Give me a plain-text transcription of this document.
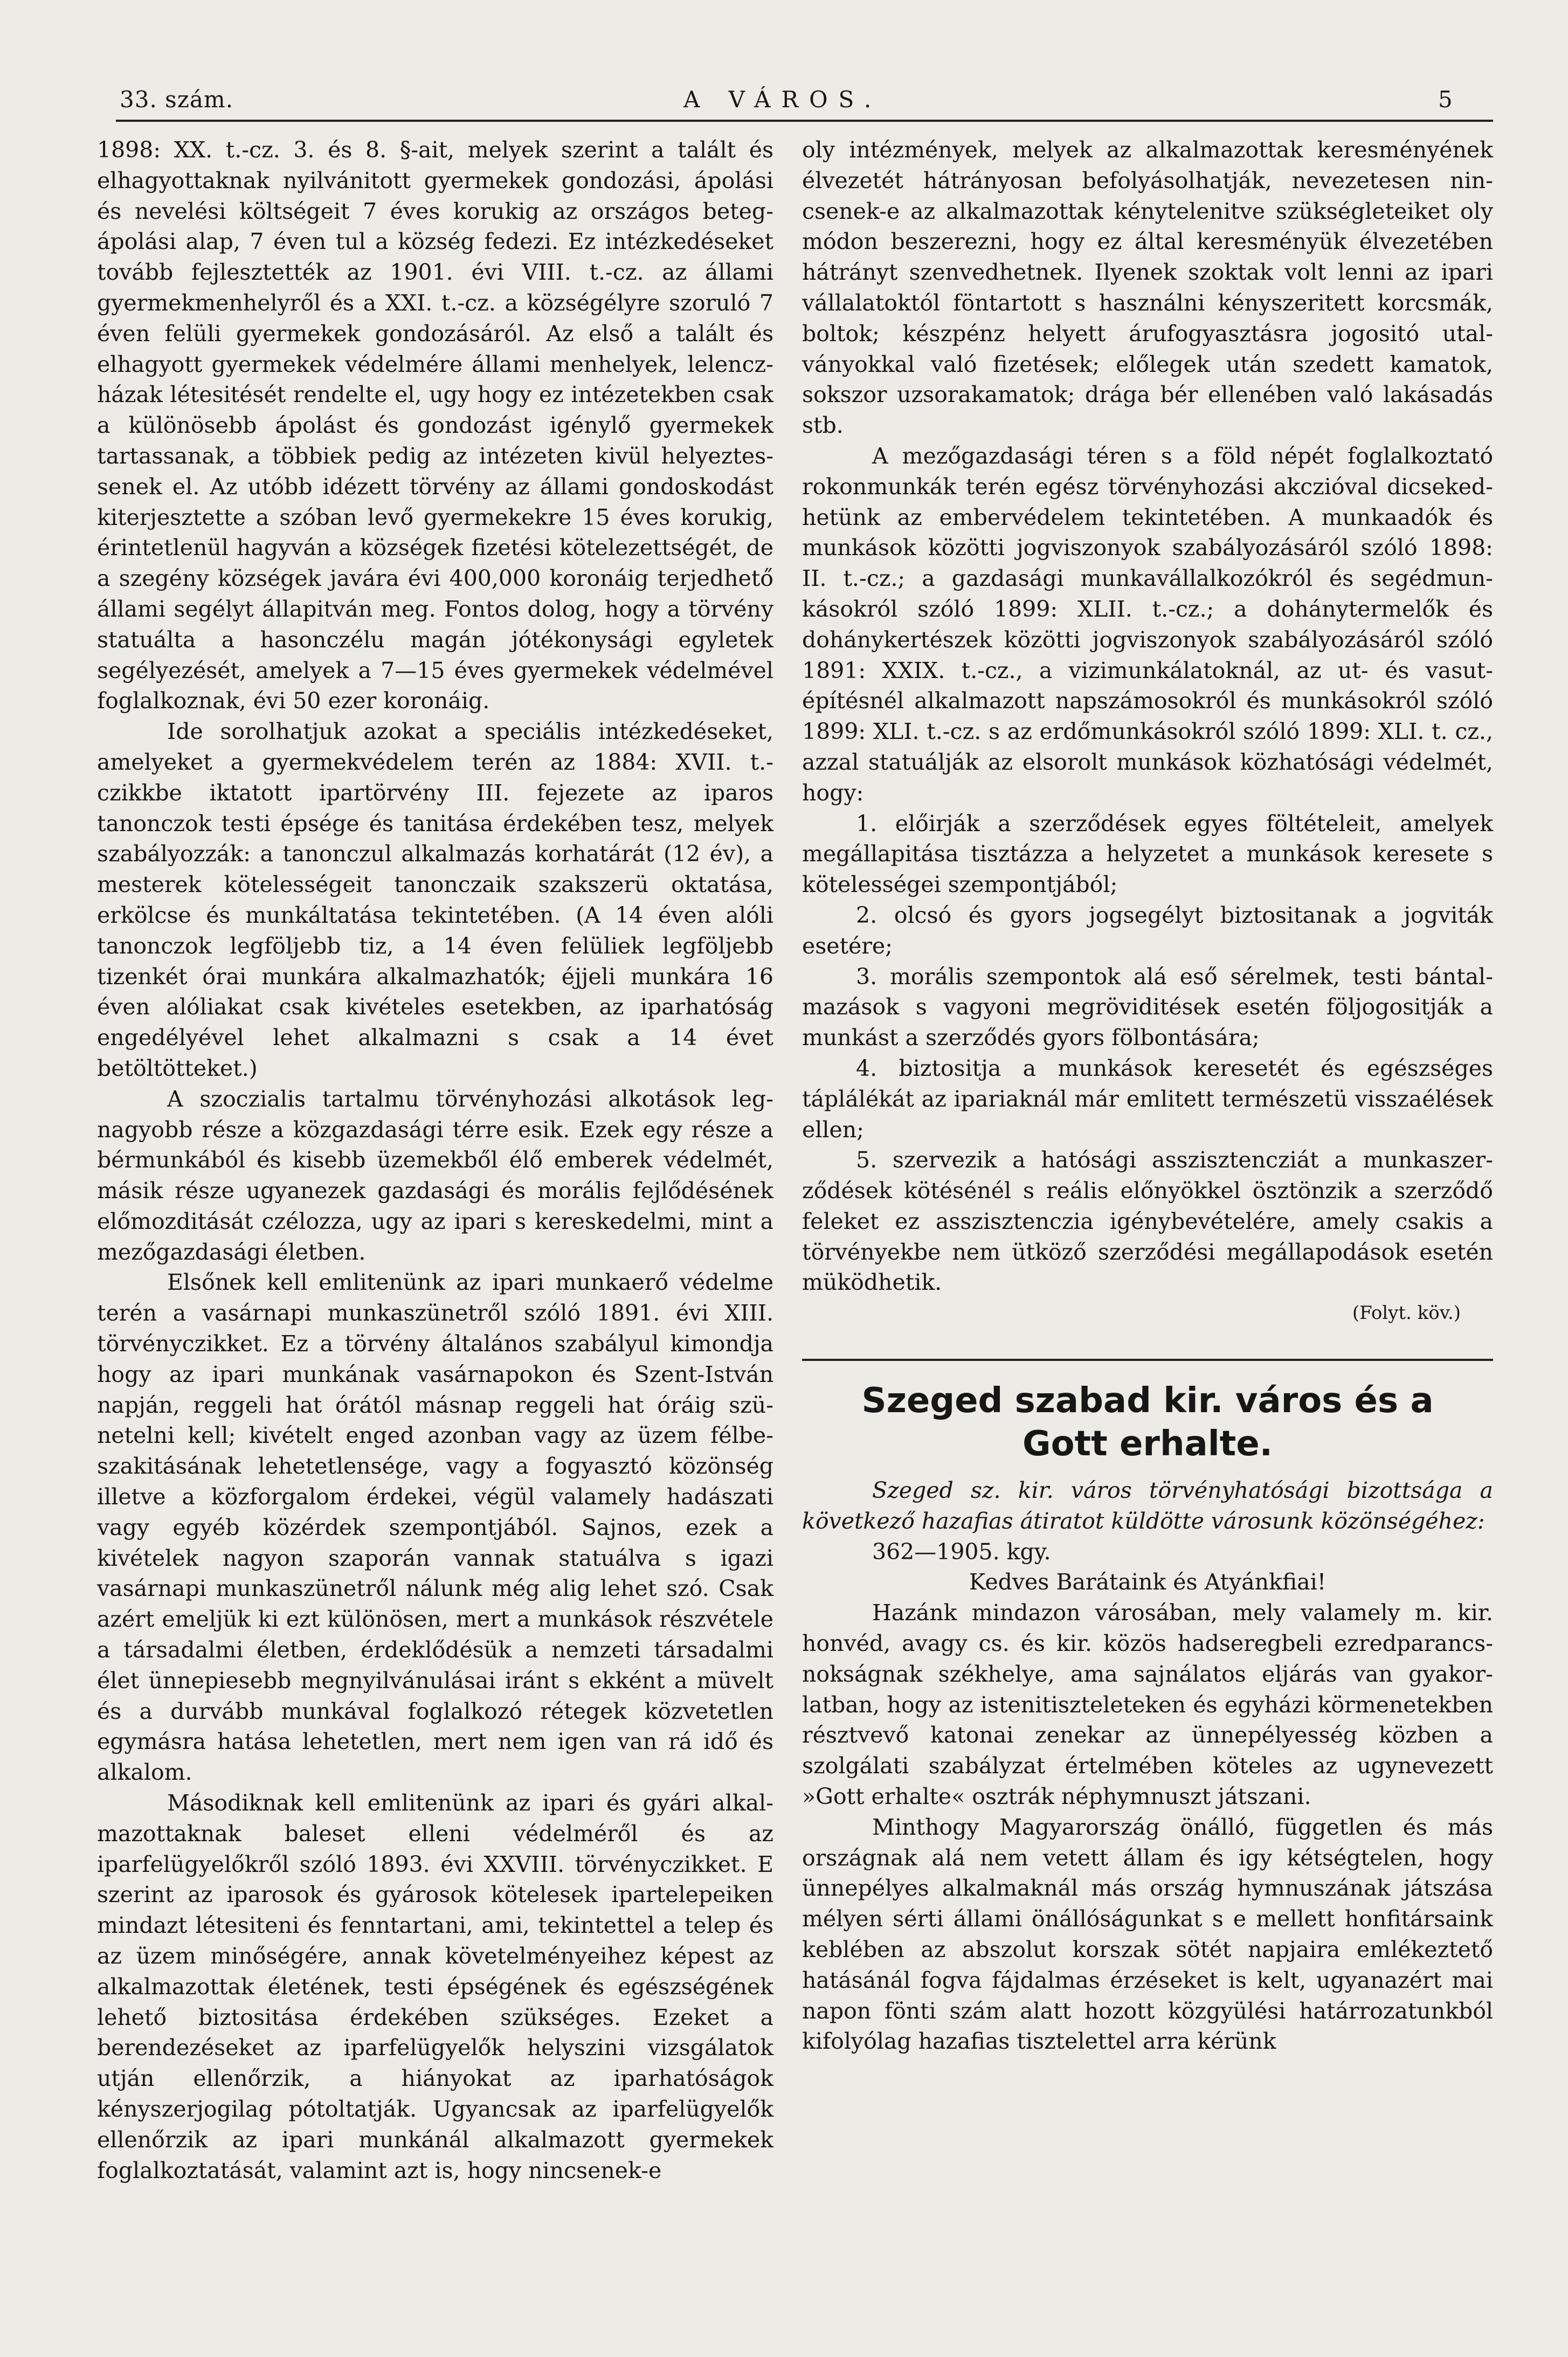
33. szám.	A VÁROS.	5

1898: XX. t.-cz. 3. és 8. §-ait, melyek szerint a talált és elhagyottaknak nyilvánitott gyermekek gondozási, ápolási és nevelési költségeit 7 éves korukig az országos betegápolási alap, 7 éven tul a község fedezi. Ez intézkedéseket tovább fejlesztették az 1901. évi VIII. t.-cz. az állami gyermekmenhelyről és a XXI. t.-cz. a községélyre szoruló 7 éven felüli gyermekek gondozásáról. Az első a talált és elhagyott gyermekek védelmére állami menhelyek, lelenczházak létesitését rendelte el, ugy hogy ez intézetekben csak a különösebb ápolást és gondozást igénylő gyermekek tartassanak, a többiek pedig az intézeten kivül helyeztessenek el. Az utóbb idézett törvény az állami gondoskodást kiterjesztette a szóban levő gyermekekre 15 éves korukig, érintetlenül hagyván a községek fizetési kötelezettségét, de a szegény községek javára évi 400,000 koronáig terjedhető állami segélyt állapitván meg. Fontos dolog, hogy a törvény statuálta a hasonczélu magán jótékonysági egyletek segélyezését, amelyek a 7—15 éves gyermekek védelmével foglalkoznak, évi 50 ezer koronáig.

Ide sorolhatjuk azokat a speciális intézkedéseket, amelyeket a gyermekvédelem terén az 1884: XVII. t.-czikkbe iktatott ipartörvény III. fejezete az iparos tanonczok testi épsége és tanitása érdekében tesz, melyek szabályozzák: a tanonczul alkalmazás korhatárát (12 év), a mesterek kötelességeit tanonczaik szakszerü oktatása, erkölcse és munkáltatása tekintetében. (A 14 éven alóli tanonczok legföljebb tiz, a 14 éven felüliek legföljebb tizenkét órai munkára alkalmazhatók; éjjeli munkára 16 éven alóliakat csak kivételes esetekben, az iparhatóság engedélyével lehet alkalmazni s csak a 14 évet betöltötteket.)

A szoczialis tartalmu törvényhozási alkotások legnagyobb része a közgazdasági térre esik. Ezek egy része a bérmunkából és kisebb üzemekből élő emberek védelmét, másik része ugyanezek gazdasági és morális fejlődésének előmozditását czélozza, ugy az ipari s kereskedelmi, mint a mezőgazdasági életben.

Elsőnek kell emlitenünk az ipari munkaerő védelme terén a vasárnapi munkaszünetről szóló 1891. évi XIII. törvényczikket. Ez a törvény általános szabályul kimondja hogy az ipari munkának vasárnapokon és Szent-István napján, reggeli hat órától másnap reggeli hat óráig szünetelni kell; kivételt enged azonban vagy az üzem félbeszakitásának lehetetlensége, vagy a fogyasztó közönség illetve a közforgalom érdekei, végül valamely hadászati vagy egyéb közérdek szempontjából. Sajnos, ezek a kivételek nagyon szaporán vannak statuálva s igazi vasárnapi munkaszünetről nálunk még alig lehet szó. Csak azért emeljük ki ezt különösen, mert a munkások részvétele a társadalmi életben, érdeklődésük a nemzeti társadalmi élet ünnepiesebb megnyilvánulásai iránt s ekként a müvelt és a durvább munkával foglalkozó rétegek közvetetlen egymásra hatása lehetetlen, mert nem igen van rá idő és alkalom.

Másodiknak kell emlitenünk az ipari és gyári alkalmazottaknak baleset elleni védelméről és az iparfelügyelőkről szóló 1893. évi XXVIII. törvényczikket. E szerint az iparosok és gyárosok kötelesek ipartelepeiken mindazt létesiteni és fenntartani, ami, tekintettel a telep és az üzem minőségére, annak követelményeihez képest az alkalmazottak életének, testi épségének és egészségének lehető biztositása érdekében szükséges. Ezeket a berendezéseket az iparfelügyelők helyszini vizsgálatok utján ellenőrzik, a hiányokat az iparhatóságok kényszerjogilag pótoltatják. Ugyancsak az iparfelügyelők ellenőrzik az ipari munkánál alkalmazott gyermekek foglalkoztatását, valamint azt is, hogy nincsenek-e

oly intézmények, melyek az alkalmazottak keresményének élvezetét hátrányosan befolyásolhatják, nevezetesen nincsenek-e az alkalmazottak kénytelenitve szükségleteiket oly módon beszerezni, hogy ez által keresményük élvezetében hátrányt szenvedhetnek. Ilyenek szoktak volt lenni az ipari vállalatoktól föntartott s használni kényszeritett korcsmák, boltok; készpénz helyett árufogyasztásra jogositó utalványokkal való fizetések; előlegek után szedett kamatok, sokszor uzsorakamatok; drága bér ellenében való lakásadás stb.

A mezőgazdasági téren s a föld népét foglalkoztató rokonmunkák terén egész törvényhozási akczióval dicsekedhetünk az embervédelem tekintetében. A munkaadók és munkások közötti jogviszonyok szabályozásáról szóló 1898: II. t.-cz.; a gazdasági munkavállalkozókról és segédmunkásokról szóló 1899: XLII. t.-cz.; a dohánytermelők és dohánykertészek közötti jogviszonyok szabályozásáról szóló 1891: XXIX. t.-cz., a vizimunkálatoknál, az ut- és vasutépítésnél alkalmazott napszámosokról és munkásokról szóló 1899: XLI. t.-cz. s az erdőmunkásokról szóló 1899: XLI. t. cz., azzal statuálják az elsorolt munkások közhatósági védelmét, hogy:

1. előirják a szerződések egyes föltételeit, amelyek megállapitása tisztázza a helyzetet a munkások keresete s kötelességei szempontjából;

2. olcsó és gyors jogsegélyt biztositanak a jogviták esetére;

3. morális szempontok alá eső sérelmek, testi bántalmazások s vagyoni megröviditések esetén följogositják a munkást a szerződés gyors fölbontására;

4. biztositja a munkások keresetét és egészséges táplálékát az ipariaknál már emlitett természetü visszaélések ellen;

5. szervezik a hatósági asszisztencziát a munkaszerződések kötésénél s reális előnyökkel ösztönzik a szerződő feleket ez asszisztenczia igénybevételére, amely csakis a törvényekbe nem ütköző szerződési megállapodások esetén müködhetik.

(Folyt. köv.)

Szeged szabad kir. város és a
Gott erhalte.

Szeged sz. kir. város törvényhatósági bizottsága a következő hazafias átiratot küldötte városunk közönségéhez:

362—1905. kgy.

Kedves Barátaink és Atyánkfiai!

Hazánk mindazon városában, mely valamely m. kir. honvéd, avagy cs. és kir. közös hadseregbeli ezredparancsnokságnak székhelye, ama sajnálatos eljárás van gyakorlatban, hogy az istenitiszteleteken és egyházi körmenetekben résztvevő katonai zenekar az ünnepélyesség közben a szolgálati szabályzat értelmében köteles az ugynevezett »Gott erhalte« osztrák néphymnuszt játszani.

Minthogy Magyarország önálló, független és más országnak alá nem vetett állam és igy kétségtelen, hogy ünnepélyes alkalmaknál más ország hymnuszának játszása mélyen sérti állami önállóságunkat s e mellett honfitársaink keblében az abszolut korszak sötét napjaira emlékeztető hatásánál fogva fájdalmas érzéseket is kelt, ugyanazért mai napon fönti szám alatt hozott közgyülési határrozatunkból kifolyólag hazafias tisztelettel arra kérünk
